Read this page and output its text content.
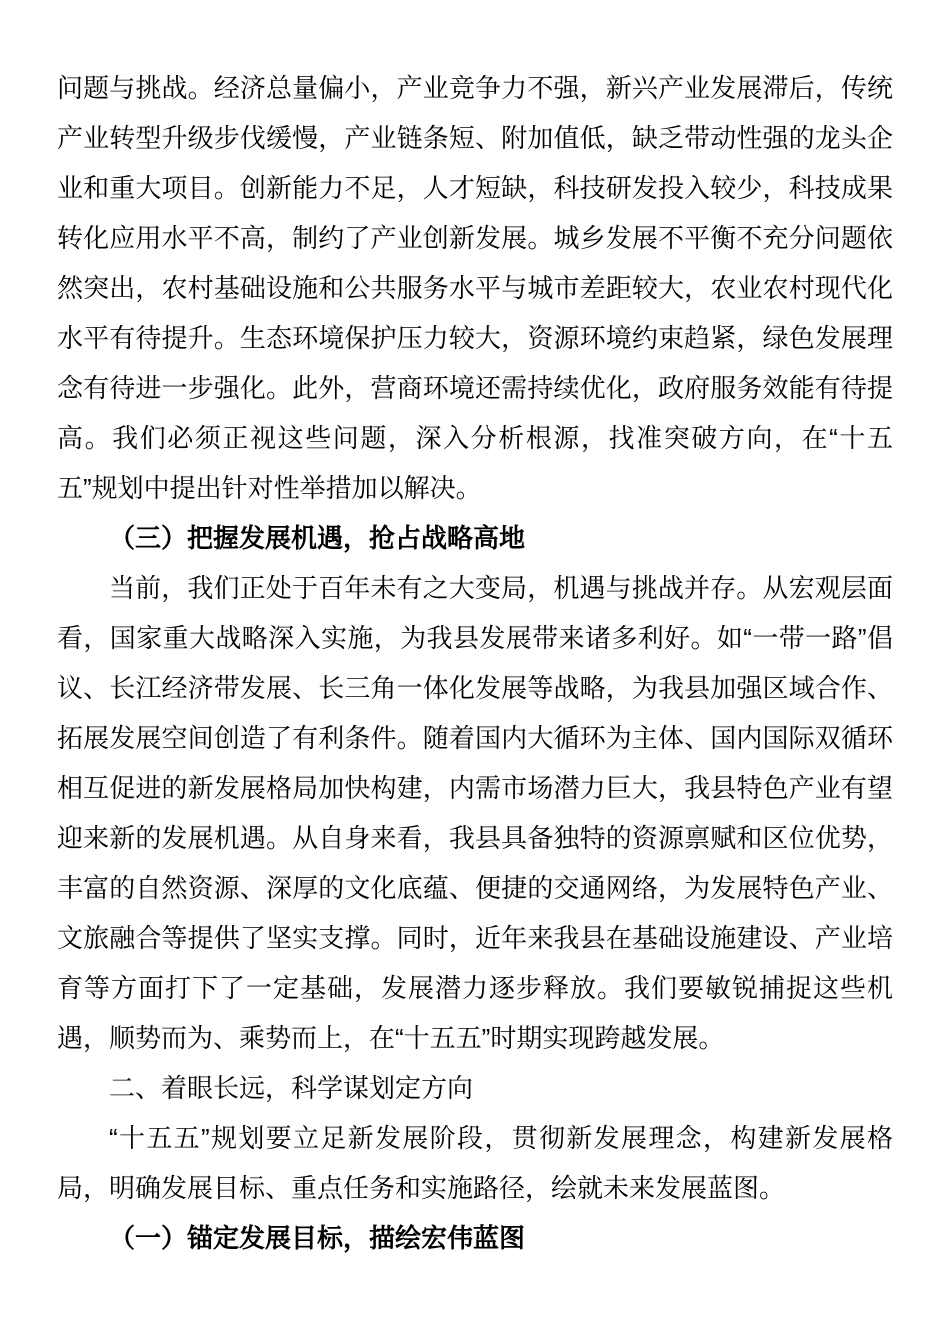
问题与挑战。经济总量偏小，产业竞争力不强，新兴产业发展滞后，传统产业转型升级步伐缓慢，产业链条短、附加值低，缺乏带动性强的龙头企业和重大项目。创新能力不足，人才短缺，科技研发投入较少，科技成果转化应用水平不高，制约了产业创新发展。城乡发展不平衡不充分问题依然突出，农村基础设施和公共服务水平与城市差距较大，农业农村现代化水平有待提升。生态环境保护压力较大，资源环境约束趋紧，绿色发展理念有待进一步强化。此外，营商环境还需持续优化，政府服务效能有待提高。我们必须正视这些问题，深入分析根源，找准突破方向，在“十五五”规划中提出针对性举措加以解决。

（三）把握发展机遇，抢占战略高地

当前，我们正处于百年未有之大变局，机遇与挑战并存。从宏观层面看，国家重大战略深入实施，为我县发展带来诸多利好。如“一带一路”倡议、长江经济带发展、长三角一体化发展等战略，为我县加强区域合作、拓展发展空间创造了有利条件。随着国内大循环为主体、国内国际双循环相互促进的新发展格局加快构建，内需市场潜力巨大，我县特色产业有望迎来新的发展机遇。从自身来看，我县具备独特的资源禀赋和区位优势，丰富的自然资源、深厚的文化底蕴、便捷的交通网络，为发展特色产业、文旅融合等提供了坚实支撑。同时，近年来我县在基础设施建设、产业培育等方面打下了一定基础，发展潜力逐步释放。我们要敏锐捕捉这些机遇，顺势而为、乘势而上，在“十五五”时期实现跨越发展。

二、着眼长远，科学谋划定方向

“十五五”规划要立足新发展阶段，贯彻新发展理念，构建新发展格局，明确发展目标、重点任务和实施路径，绘就未来发展蓝图。

（一）锚定发展目标，描绘宏伟蓝图
